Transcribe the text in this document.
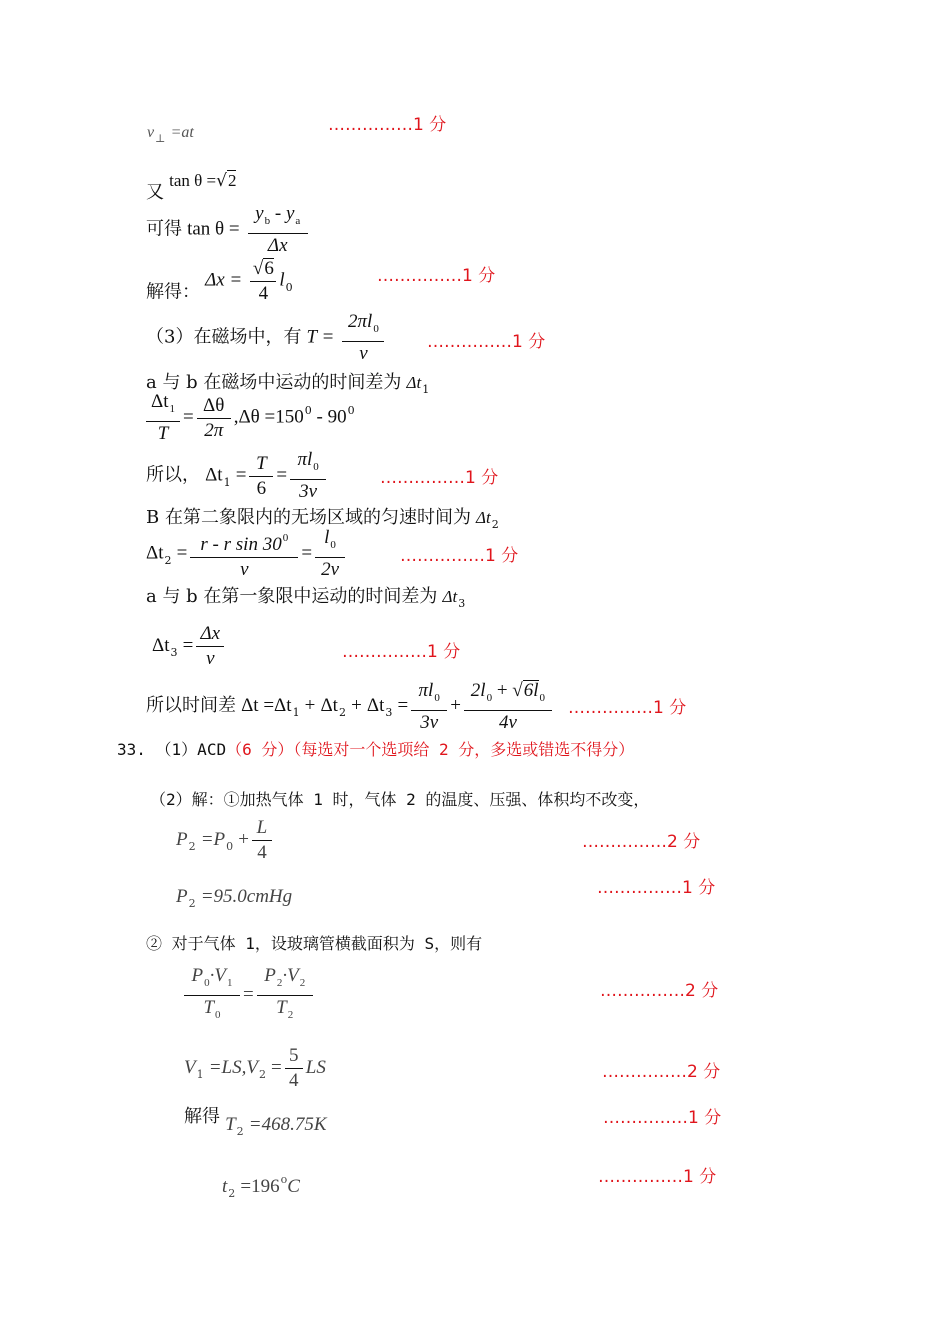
$v_\perp =at$	……………1 分
又 tan θ =√2
可得 $\tan \theta = \frac{y_b - y_a}{\Delta x}$
解得： $\Delta x = \frac{√6}{4} l_0$
……………1 分
（3）在磁场中，有 $T = \frac{2\pi l_0}{v}$	……………1 分
a 与 b 在磁场中运动的时间差为 $\Delta t_1$
$\frac{\Delta t_1}{T} = \frac{\Delta\theta}{2\pi} ,\Delta\theta =150^0 - 90^0$
所以， $\Delta t_1 = \frac{T}{6} = \frac{\pi l_0}{3v}$	……………1 分
B 在第二象限内的无场区域的匀速时间为 $\Delta t_2$
$\Delta t_2 = \frac{r - r \sin 30^0}{v} = \frac{l_0}{2v}$	……………1 分
a 与 b 在第一象限中运动的时间差为 $\Delta t_3$
$\Delta t_3 = \frac{\Delta x}{v}$	……………1 分
所以时间差 $\Delta t =\Delta t_1 + \Delta t_2 + \Delta t_3 = \frac{\pi l_0}{3v} + \frac{2l_0 + √6l_0}{4v}$ ……………1 分
33. （1）ACD（6 分）（每选对一个选项给 2 分，多选或错选不得分）
（2）解：①加热气体 1 时，气体 2 的温度、压强、体积均不改变，
$P_2 =P_0 + \frac{L}{4}$	……………2 分
$P_2$ =95.0cmHg	……………1 分
② 对于气体 1，设玻璃管横截面积为 S，则有
$\frac{P_0\cdot V_1}{T_0} = \frac{P_2\cdot V_2}{T_2}$	……………2 分
$V_1 =LS,V_2 = \frac{5}{4}$ LS	……………2 分
解得 $T_2 =468.75K$	……………1 分
$t_2 =196^oC$	……………1 分
